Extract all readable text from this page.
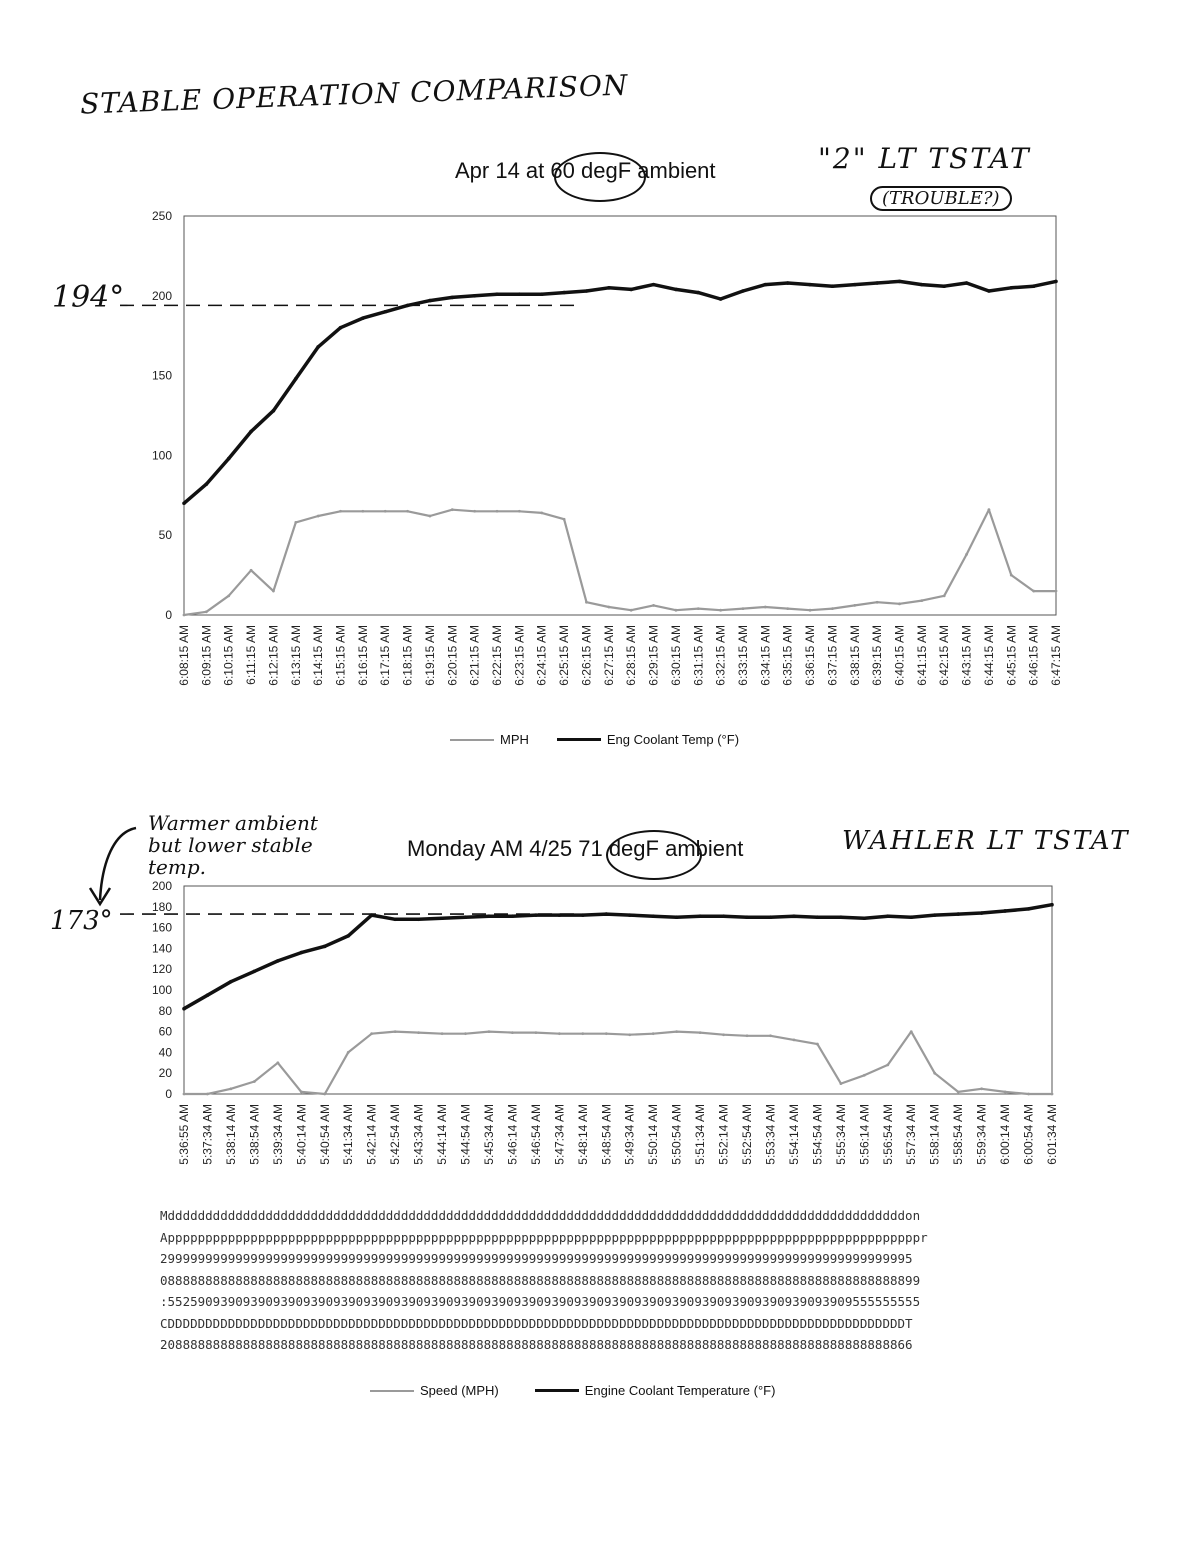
STABLE OPERATION COMPARISON
Apr 14 at 60 degF ambient	"2" LT TSTAT
(TROUBLE?)
194°
0
50
100
150
200
250
6:08:15 AM 6:09:15 AM 6:10:15 AM 6:11:15 AM 6:12:15 AM 6:13:15 AM 6:14:15 AM 6:15:15 AM 6:16:15 AM 6:17:15 AM 6:18:15 AM 6:19:15 AM 6:20:15 AM 6:21:15 AM 6:22:15 AM 6:23:15 AM 6:24:15 AM 6:25:15 AM 6:26:15 AM 6:27:15 AM 6:28:15 AM 6:29:15 AM 6:30:15 AM 6:31:15 AM 6:32:15 AM 6:33:15 AM 6:34:15 AM 6:35:15 AM 6:36:15 AM 6:37:15 AM 6:38:15 AM 6:39:15 AM 6:40:15 AM 6:41:15 AM 6:42:15 AM 6:43:15 AM 6:44:15 AM 6:45:15 AM 6:46:15 AM 6:47:15 AM
MPH	Eng Coolant Temp (°F)
Warmer ambient
but lower stable
temp.
Monday AM 4/25 71 degF ambient	WAHLER LT TSTAT
173°
0
20
40
60
80
100
120
140
160
180
200
5:36:55 AM 5:37:34 AM 5:38:14 AM 5:38:54 AM 5:39:34 AM 5:40:14 AM 5:40:54 AM 5:41:34 AM 5:42:14 AM 5:42:54 AM 5:43:34 AM 5:44:14 AM 5:44:54 AM 5:45:34 AM 5:46:14 AM 5:46:54 AM 5:47:34 AM 5:48:14 AM 5:48:54 AM 5:49:34 AM 5:50:14 AM 5:50:54 AM 5:51:34 AM 5:52:14 AM 5:52:54 AM 5:53:34 AM 5:54:14 AM 5:54:54 AM 5:55:34 AM 5:56:14 AM 5:56:54 AM 5:57:34 AM 5:58:14 AM 5:58:54 AM 5:59:34 AM 6:00:14 AM 6:00:54 AM 6:01:34 AM
Mddddddddddddddddddddddddddddddddddddddddddddddddddddddddddddddddddddddddddddddddddddddddddddddddddon
Appppppppppppppppppppppppppppppppppppppppppppppppppppppppppppppppppppppppppppppppppppppppppppppppppppr
2999999999999999999999999999999999999999999999999999999999999999999999999999999999999999999999999995
08888888888888888888888888888888888888888888888888888888888888888888888888888888888888888888888888899
:5525909390939093909390939093909390939093909390939093909390939093909390939093909390939093909555555555
CDDDDDDDDDDDDDDDDDDDDDDDDDDDDDDDDDDDDDDDDDDDDDDDDDDDDDDDDDDDDDDDDDDDDDDDDDDDDDDDDDDDDDDDDDDDDDDDDDDT
2088888888888888888888888888888888888888888888888888888888888888888888888888888888888888888888888866
Speed (MPH)	Engine Coolant Temperature (°F)
